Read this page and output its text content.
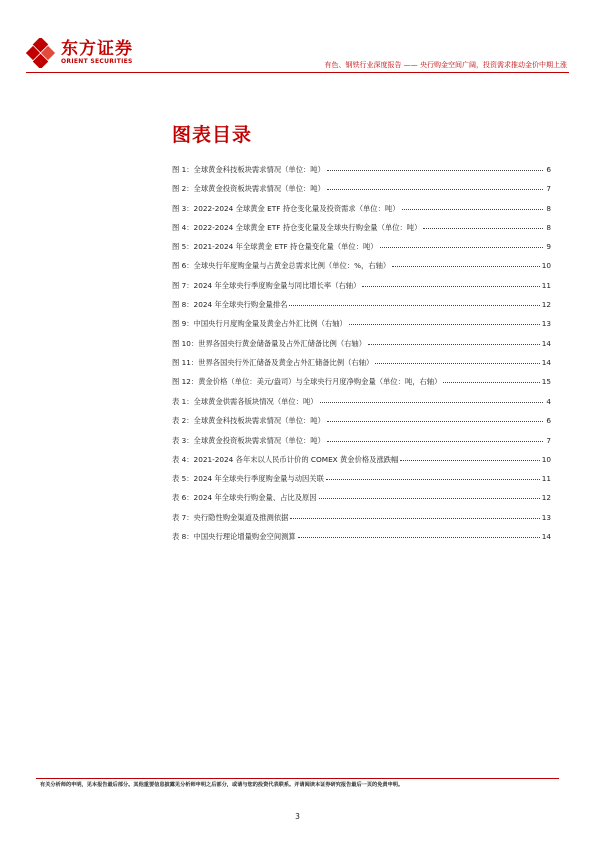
东方证券
ORIENT SECURITIES	有色、钢铁行业深度报告 —— 央行购金空间广阔，投资需求推动金价中期上涨
图表目录
图 1：全球黄金科技板块需求情况（单位：吨）	6
图 2：全球黄金投资板块需求情况（单位：吨）	7
图 3：2022-2024 全球黄金 ETF 持仓变化量及投资需求（单位：吨）	8
图 4：2022-2024 全球黄金 ETF 持仓变化量及全球央行购金量（单位：吨）	8
图 5：2021-2024 年全球黄金 ETF 持仓量变化量（单位：吨）	9
图 6：全球央行年度购金量与占黄金总需求比例（单位：%，右轴）	10
图 7：2024 年全球央行季度购金量与同比增长率（右轴）	11
图 8：2024 年全球央行购金量排名	12
图 9：中国央行月度购金量及黄金占外汇比例（右轴）	13
图 10：世界各国央行黄金储备量及占外汇储备比例（右轴）	14
图 11：世界各国央行外汇储备及黄金占外汇储备比例（右轴）	14
图 12：黄金价格（单位：美元/盎司）与全球央行月度净购金量（单位：吨，右轴）	15
表 1：全球黄金供需各版块情况（单位：吨）	4
表 2：全球黄金科技板块需求情况（单位：吨）	6
表 3：全球黄金投资板块需求情况（单位：吨）	7
表 4：2021-2024 各年末以人民币计价的 COMEX 黄金价格及涨跌幅	10
表 5：2024 年全球央行季度购金量与动因关联	11
表 6：2024 年全球央行购金量、占比及原因	12
表 7：央行隐性购金渠道及推测依据	13
表 8：中国央行理论增量购金空间测算	14
有关分析师的申明，见本报告最后部分。其他重要信息披露见分析师申明之后部分，或请与您的投资代表联系。并请阅读本证券研究报告最后一页的免责申明。
3
